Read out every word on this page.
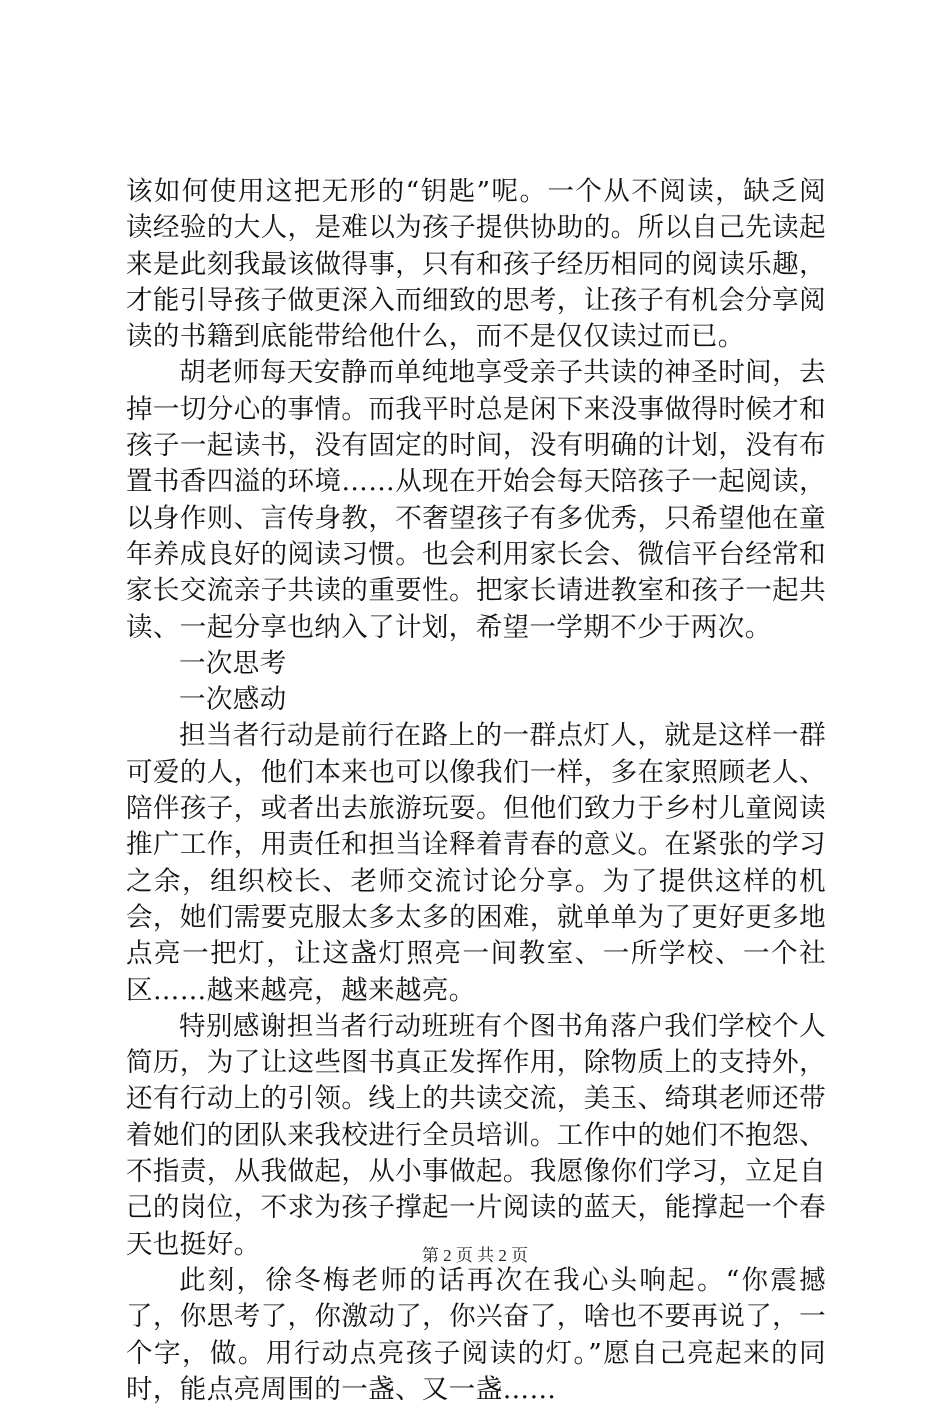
该如何使用这把无形的“钥匙”呢。一个从不阅读，缺乏阅读经验的大人，是难以为孩子提供协助的。所以自己先读起来是此刻我最该做得事，只有和孩子经历相同的阅读乐趣，才能引导孩子做更深入而细致的思考，让孩子有机会分享阅读的书籍到底能带给他什么，而不是仅仅读过而已。

胡老师每天安静而单纯地享受亲子共读的神圣时间，去掉一切分心的事情。而我平时总是闲下来没事做得时候才和孩子一起读书，没有固定的时间，没有明确的计划，没有布置书香四溢的环境……从现在开始会每天陪孩子一起阅读，以身作则、言传身教，不奢望孩子有多优秀，只希望他在童年养成良好的阅读习惯。也会利用家长会、微信平台经常和家长交流亲子共读的重要性。把家长请进教室和孩子一起共读、一起分享也纳入了计划，希望一学期不少于两次。

一次思考

一次感动

担当者行动是前行在路上的一群点灯人，就是这样一群可爱的人，他们本来也可以像我们一样，多在家照顾老人、陪伴孩子，或者出去旅游玩耍。但他们致力于乡村儿童阅读推广工作，用责任和担当诠释着青春的意义。在紧张的学习之余，组织校长、老师交流讨论分享。为了提供这样的机会，她们需要克服太多太多的困难，就单单为了更好更多地点亮一把灯，让这盏灯照亮一间教室、一所学校、一个社区……越来越亮，越来越亮。

特别感谢担当者行动班班有个图书角落户我们学校个人简历，为了让这些图书真正发挥作用，除物质上的支持外，还有行动上的引领。线上的共读交流，美玉、绮琪老师还带着她们的团队来我校进行全员培训。工作中的她们不抱怨、不指责，从我做起，从小事做起。我愿像你们学习，立足自己的岗位，不求为孩子撑起一片阅读的蓝天，能撑起一个春天也挺好。

此刻，徐冬梅老师的话再次在我心头响起。“你震撼了，你思考了，你激动了，你兴奋了，啥也不要再说了，一个字，做。用行动点亮孩子阅读的灯。”愿自己亮起来的同时，能点亮周围的一盏、又一盏……

第 2 页 共 2 页
